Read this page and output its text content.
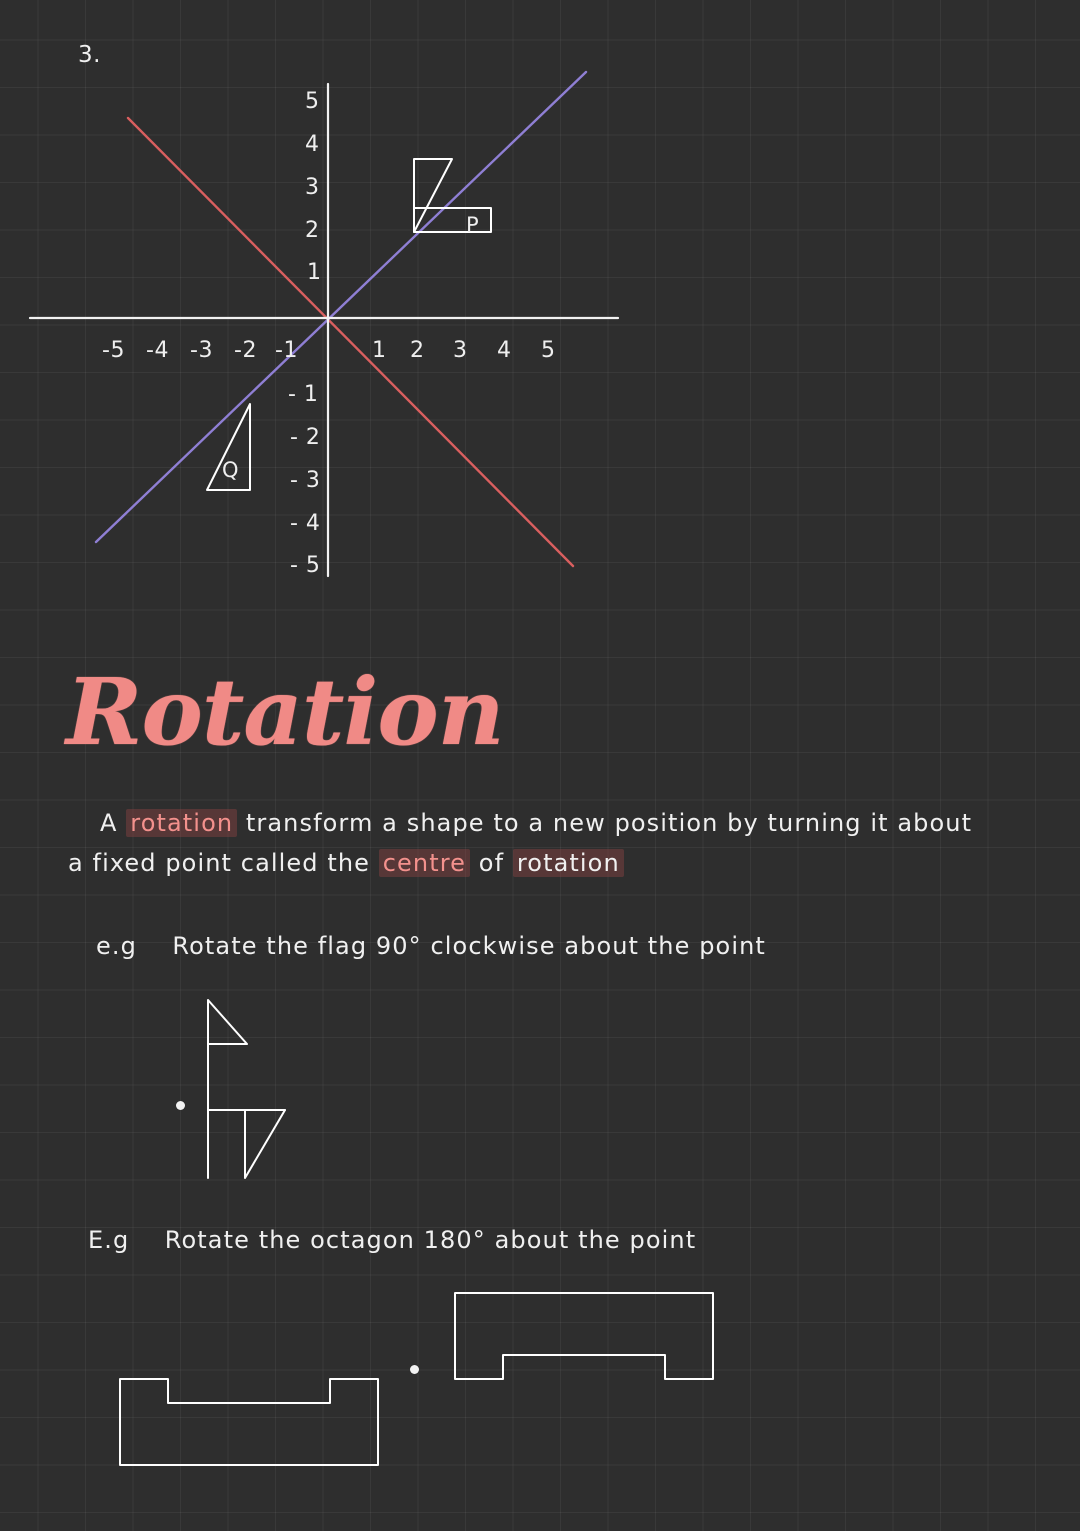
3.
-5 -4 -3 -2 -1	1 2 3 4 5
5
4
3
2
1
- 1
- 2
- 3
- 4
- 5
P
Q
Rotation
A rotation transform a shape to a new position by turning it about
a fixed point called the centre of rotation
e.g Rotate the flag 90° clockwise about the point
E.g Rotate the octagon 180° about the point
